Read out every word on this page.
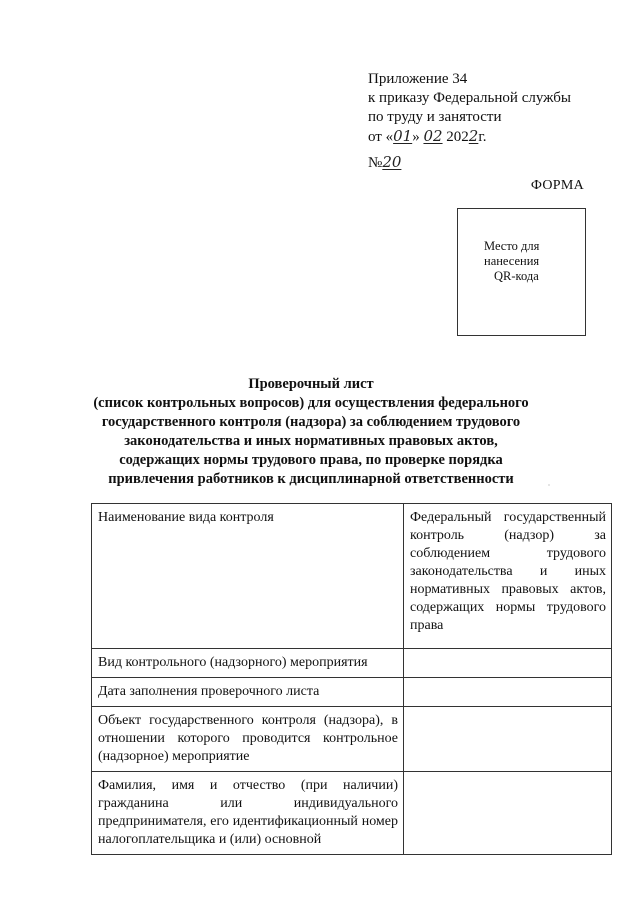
Приложение 34
к приказу Федеральной службы
по труду и занятости
от «01» 02 2022г.
№20
ФОРМА
Место для
нанесения
QR-кода
Проверочный лист
(список контрольных вопросов) для осуществления федерального государственного контроля (надзора) за соблюдением трудового законодательства и иных нормативных правовых актов, содержащих нормы трудового права, по проверке порядка привлечения работников к дисциплинарной ответственности
Наименование вида контроля	Федеральный государственный контроль (надзор) за соблюдением трудового законодательства и иных нормативных правовых актов, содержащих нормы трудового права
Вид контрольного (надзорного) мероприятия	
Дата заполнения проверочного листа	
Объект государственного контроля (надзора), в отношении которого проводится контрольное (надзорное) мероприятие	
Фамилия, имя и отчество (при наличии) гражданина или индивидуального предпринимателя, его идентификационный номер налогоплательщика и (или) основной	
